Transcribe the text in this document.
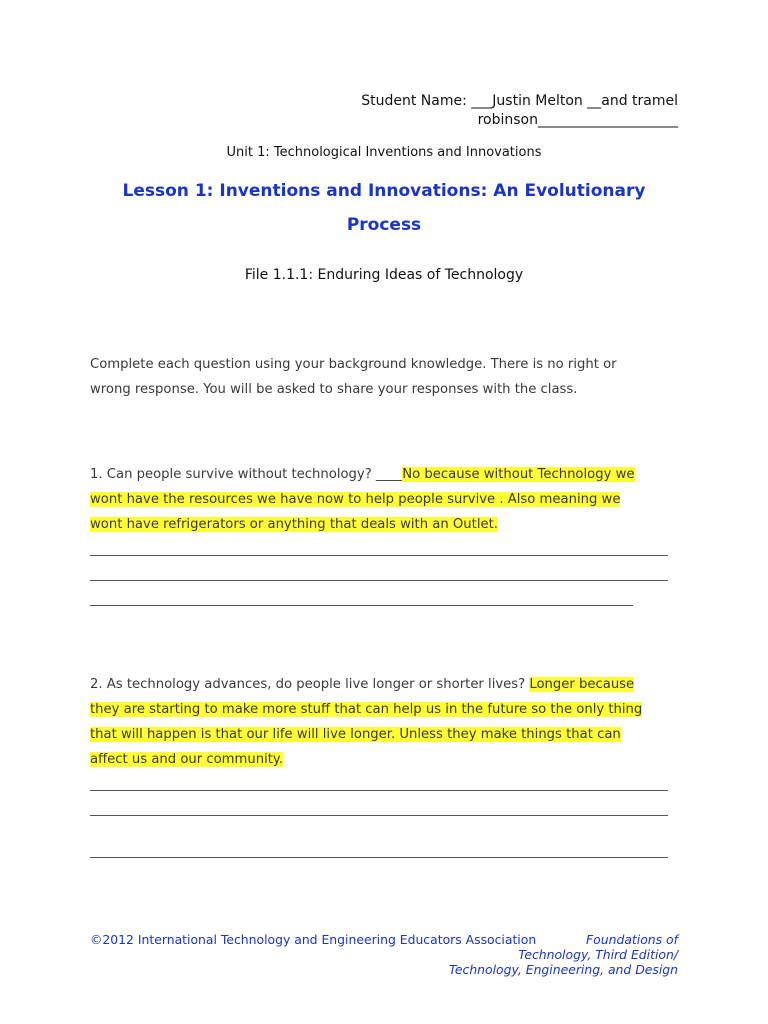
Student Name: ___Justin Melton __and tramel
robinson____________________
Unit 1: Technological Inventions and Innovations
Lesson 1: Inventions and Innovations: An Evolutionary
Process
File 1.1.1: Enduring Ideas of Technology
Complete each question using your background knowledge. There is no right or
wrong response. You will be asked to share your responses with the class.
1. Can people survive without technology? ____No because without Technology we
wont have the resources we have now to help people survive . Also meaning we
wont have refrigerators or anything that deals with an Outlet.
2. As technology advances, do people live longer or shorter lives? Longer because
they are starting to make more stuff that can help us in the future so the only thing
that will happen is that our life will live longer. Unless they make things that can
affect us and our community.
©2012 International Technology and Engineering Educators Association	Foundations of
Technology, Third Edition/
Technology, Engineering, and Design
